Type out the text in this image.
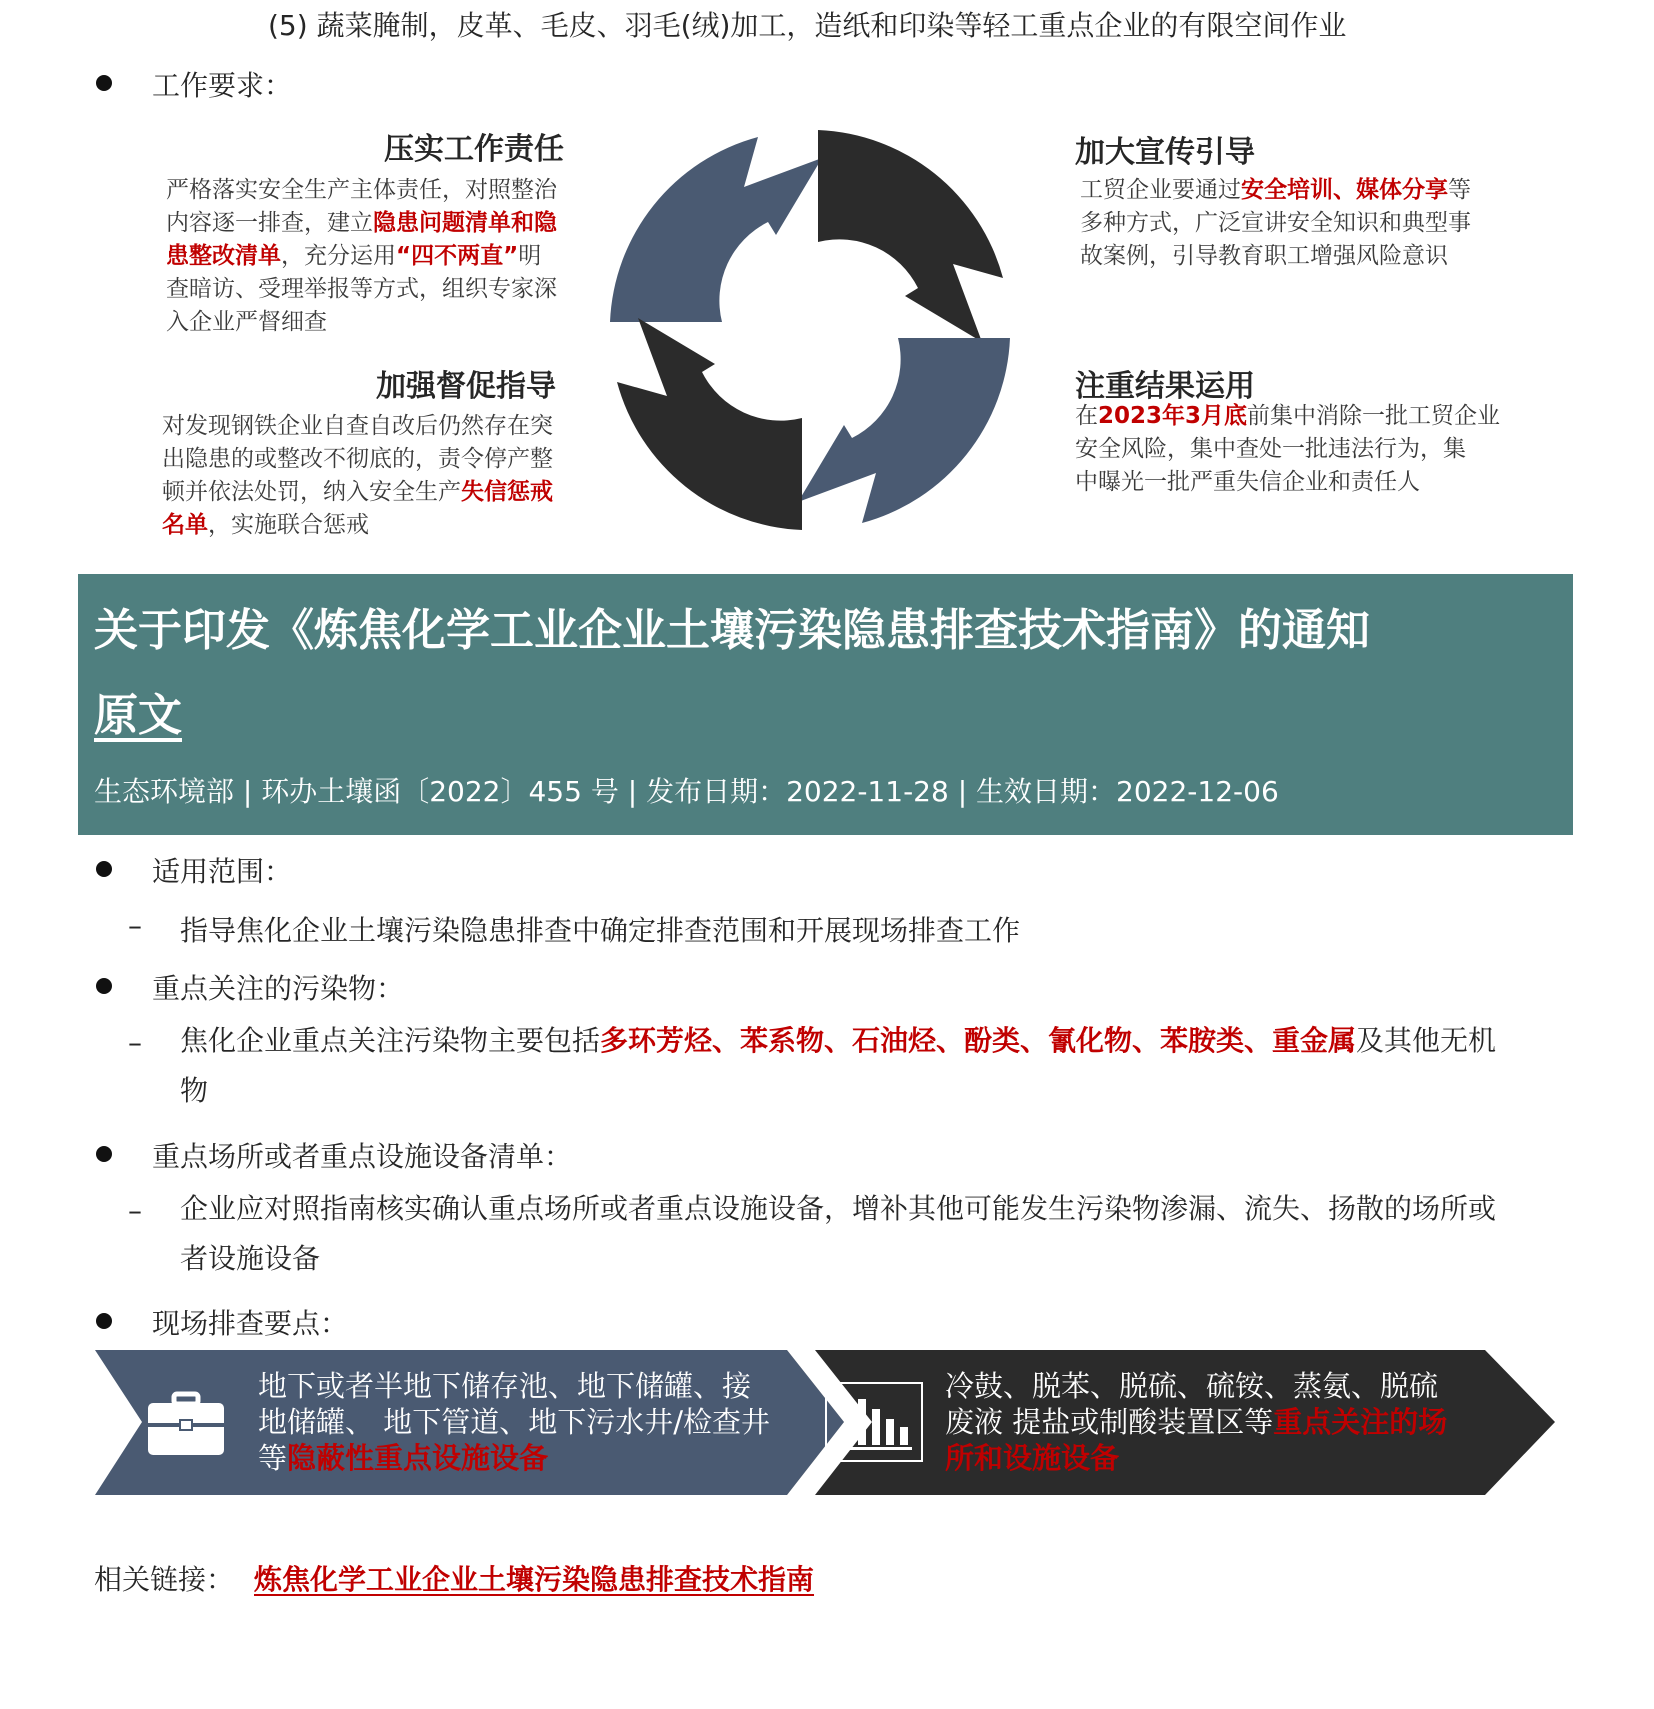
(5) 蔬菜腌制，皮革、毛皮、羽毛(绒)加工，造纸和印染等轻工重点企业的有限空间作业
工作要求：
压实工作责任
严格落实安全生产主体责任，对照整治
内容逐一排查，建立隐患问题清单和隐
患整改清单，充分运用“四不两直”明
查暗访、受理举报等方式，组织专家深
入企业严督细查
加大宣传引导
工贸企业要通过安全培训、媒体分享等
多种方式，广泛宣讲安全知识和典型事
故案例，引导教育职工增强风险意识
加强督促指导
对发现钢铁企业自查自改后仍然存在突
出隐患的或整改不彻底的，责令停产整
顿并依法处罚，纳入安全生产失信惩戒
名单，实施联合惩戒
注重结果运用
在2023年3月底前集中消除一批工贸企业
安全风险，集中查处一批违法行为，集
中曝光一批严重失信企业和责任人
关于印发《炼焦化学工业企业土壤污染隐患排查技术指南》的通知
原文
生态环境部 | 环办土壤函〔2022〕455 号 | 发布日期：2022-11-28 | 生效日期：2022-12-06
适用范围：
– 指导焦化企业土壤污染隐患排查中确定排查范围和开展现场排查工作
重点关注的污染物：
– 焦化企业重点关注污染物主要包括多环芳烃、苯系物、石油烃、酚类、氰化物、苯胺类、重金属及其他无机
物
重点场所或者重点设施设备清单：
– 企业应对照指南核实确认重点场所或者重点设施设备，增补其他可能发生污染物渗漏、流失、扬散的场所或
者设施设备
现场排查要点：
地下或者半地下储存池、地下储罐、接
地储罐、 地下管道、地下污水井/检查井
等隐蔽性重点设施设备
冷鼓、脱苯、脱硫、硫铵、蒸氨、脱硫
废液 提盐或制酸装置区等重点关注的场
所和设施设备
相关链接： 炼焦化学工业企业土壤污染隐患排查技术指南
